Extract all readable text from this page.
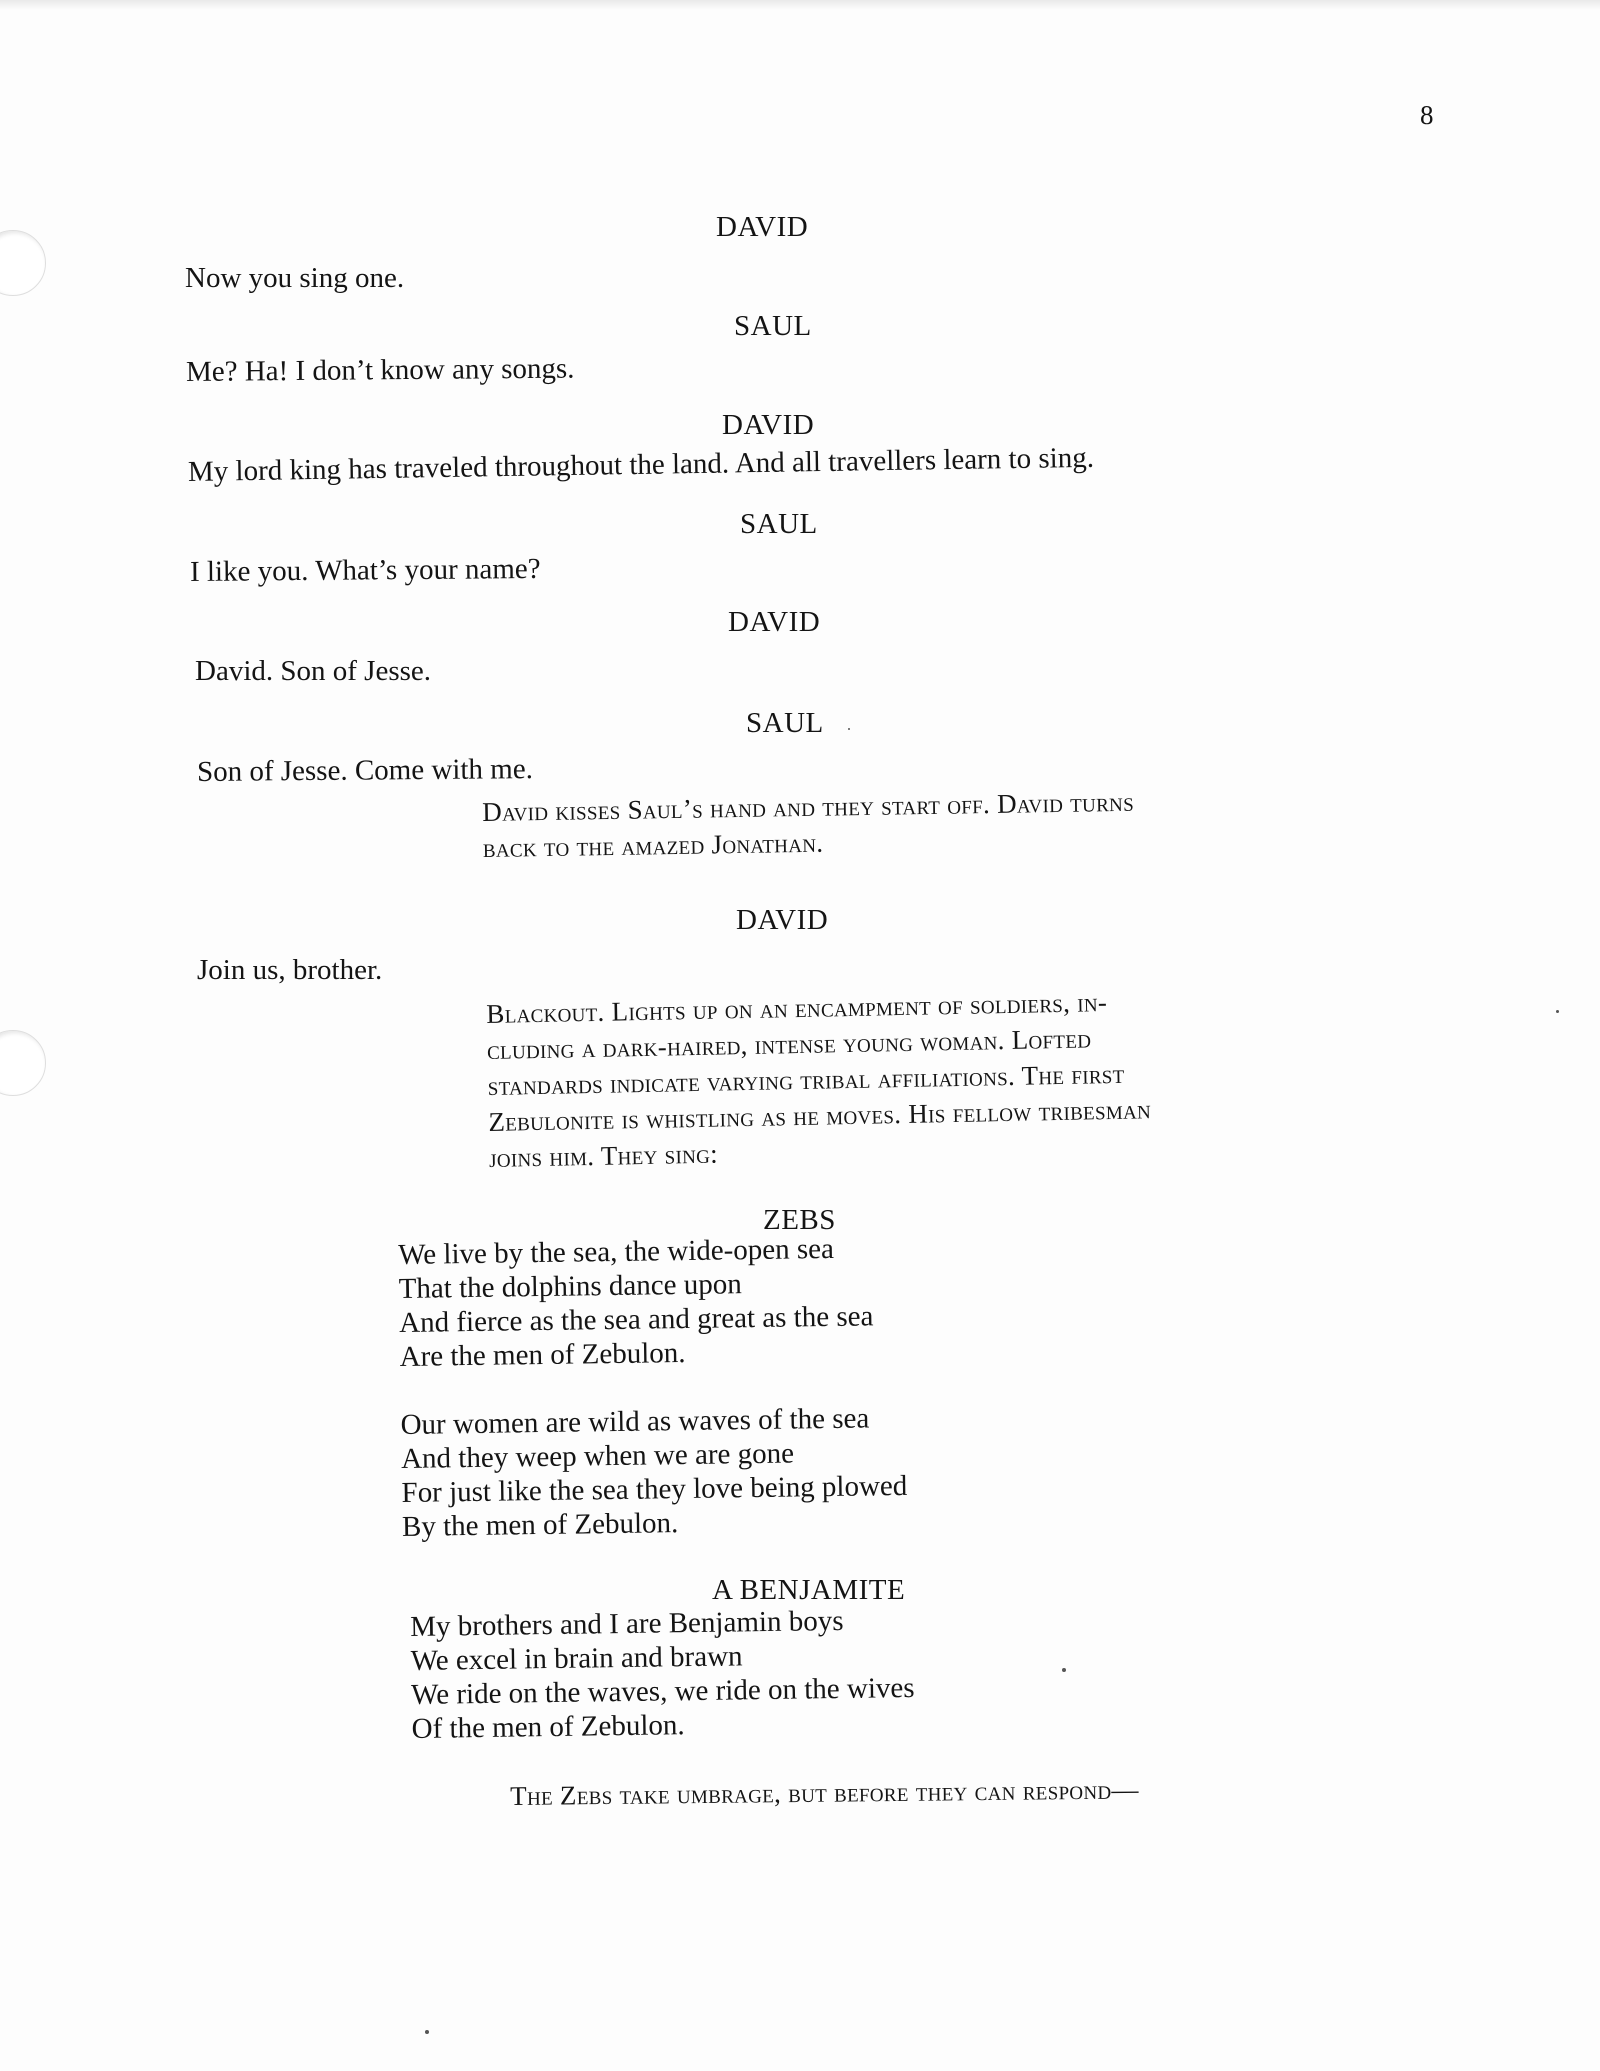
8
DAVID
Now you sing one.
SAUL
Me? Ha! I don’t know any songs.
DAVID
My lord king has traveled throughout the land. And all travellers learn to sing.
SAUL
I like you. What’s your name?
DAVID
David. Son of Jesse.
SAUL
Son of Jesse. Come with me.
David kisses Saul’s hand and they start off. David turns
back to the amazed Jonathan.
DAVID
Join us, brother.
Blackout. Lights up on an encampment of soldiers, in-
cluding a dark-haired, intense young woman. Lofted
standards indicate varying tribal affiliations. The first
Zebulonite is whistling as he moves. His fellow tribesman
joins him. They sing:
ZEBS
We live by the sea, the wide-open sea
That the dolphins dance upon
And fierce as the sea and great as the sea
Are the men of Zebulon.
Our women are wild as waves of the sea
And they weep when we are gone
For just like the sea they love being plowed
By the men of Zebulon.
A BENJAMITE
My brothers and I are Benjamin boys
We excel in brain and brawn
We ride on the waves, we ride on the wives
Of the men of Zebulon.
The Zebs take umbrage, but before they can respond—
